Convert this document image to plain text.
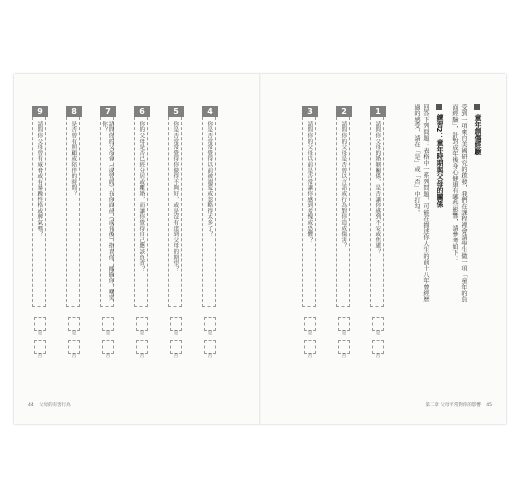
9
請問你父母曾有威脅或有暴躁性格或脾氣嗎？
是
否
8
是否曾有照顧或陪伴的時間？
是
否
7
請問你的父母會（或曾經）在你面前（或背後）指責你、揶揄你、嘲笑你？
是
否
6
你的父母是否已經分居或離婚，而讓你覺得自己應該負責？
是
否
5
你是否常常覺得你做得不夠好，或是沒有達到父母的期望？
是
否
4
你是否常常覺得以前被溺愛或忽略得太多了？
是
否
44 父母的有害行為
3
請問你的父母以前是否常讓你感到羞愧或恐懼？
是
否
2
請問你的父母是否曾以言語或行為對你造成傷害？
是
否
1
請問你父母的婚姻關係，是否讓你感到不安或焦慮？
是
否
童年創傷經驗
受到一項來自美國研究的啟發，我們在課程裡會請學生做一項「童年的負面經驗」，針對成年後身心健康有哪些影響，請參考如下：
練習2：童年時期與父母的關係
回答下列問題：表格中一系列問題，可能在描述你人生的前十八年曾經歷過的感受，請在「是」或「否」中打勾。
第二章 父母平常對你的影響 45
